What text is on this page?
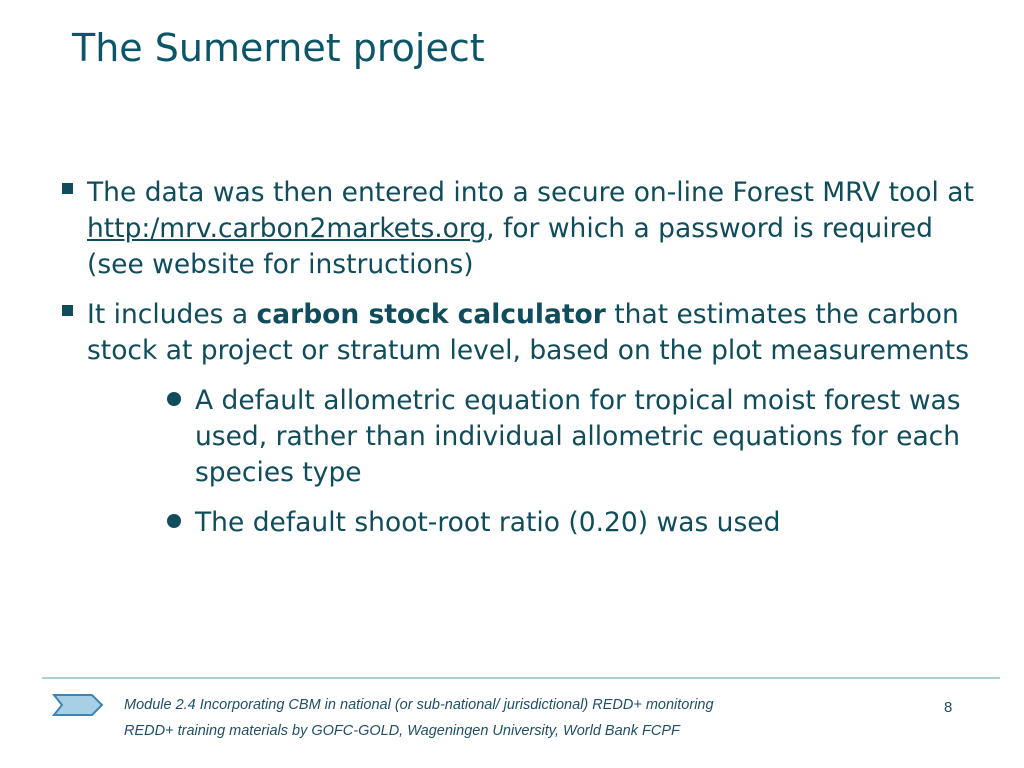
The Sumernet project
The data was then entered into a secure on-line Forest MRV tool at http:/mrv.carbon2markets.org, for which a password is required (see website for instructions)
It includes a carbon stock calculator that estimates the carbon stock at project or stratum level, based on the plot measurements
A default allometric equation for tropical moist forest was used, rather than individual allometric equations for each species type
The default shoot-root ratio (0.20) was used
Module 2.4 Incorporating CBM in national (or sub-national/ jurisdictional) REDD+ monitoring
REDD+ training materials by GOFC-GOLD, Wageningen University, World Bank FCPF
8
